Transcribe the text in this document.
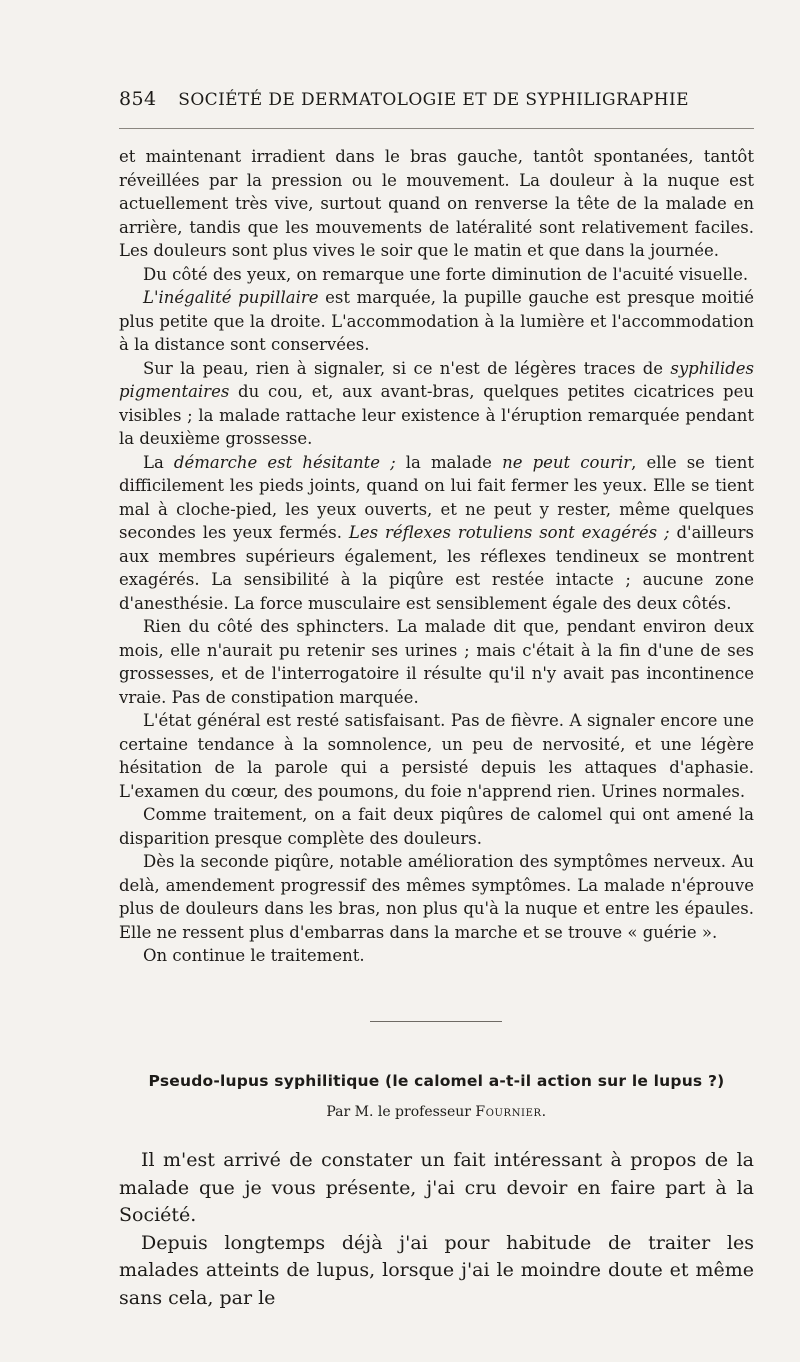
854 SOCIÉTÉ DE DERMATOLOGIE ET DE SYPHILIGRAPHIE

et maintenant irradient dans le bras gauche, tantôt spontanées, tantôt réveillées par la pression ou le mouvement. La douleur à la nuque est actuellement très vive, surtout quand on renverse la tête de la malade en arrière, tandis que les mouvements de latéralité sont relativement faciles. Les douleurs sont plus vives le soir que le matin et que dans la journée.

Du côté des yeux, on remarque une forte diminution de l'acuité visuelle.

L'inégalité pupillaire est marquée, la pupille gauche est presque moitié plus petite que la droite. L'accommodation à la lumière et l'accommodation à la distance sont conservées.

Sur la peau, rien à signaler, si ce n'est de légères traces de syphilides pigmentaires du cou, et, aux avant-bras, quelques petites cicatrices peu visibles ; la malade rattache leur existence à l'éruption remarquée pendant la deuxième grossesse.

La démarche est hésitante ; la malade ne peut courir, elle se tient difficilement les pieds joints, quand on lui fait fermer les yeux. Elle se tient mal à cloche-pied, les yeux ouverts, et ne peut y rester, même quelques secondes les yeux fermés. Les réflexes rotuliens sont exagérés ; d'ailleurs aux membres supérieurs également, les réflexes tendineux se montrent exagérés. La sensibilité à la piqûre est restée intacte ; aucune zone d'anesthésie. La force musculaire est sensiblement égale des deux côtés.

Rien du côté des sphincters. La malade dit que, pendant environ deux mois, elle n'aurait pu retenir ses urines ; mais c'était à la fin d'une de ses grossesses, et de l'interrogatoire il résulte qu'il n'y avait pas incontinence vraie. Pas de constipation marquée.

L'état général est resté satisfaisant. Pas de fièvre. A signaler encore une certaine tendance à la somnolence, un peu de nervosité, et une légère hésitation de la parole qui a persisté depuis les attaques d'aphasie. L'examen du cœur, des poumons, du foie n'apprend rien. Urines normales.

Comme traitement, on a fait deux piqûres de calomel qui ont amené la disparition presque complète des douleurs.

Dès la seconde piqûre, notable amélioration des symptômes nerveux. Au delà, amendement progressif des mêmes symptômes. La malade n'éprouve plus de douleurs dans les bras, non plus qu'à la nuque et entre les épaules. Elle ne ressent plus d'embarras dans la marche et se trouve « guérie ».

On continue le traitement.

Pseudo-lupus syphilitique (le calomel a-t-il action sur le lupus ?)
Par M. le professeur Fournier.

Il m'est arrivé de constater un fait intéressant à propos de la malade que je vous présente, j'ai cru devoir en faire part à la Société.

Depuis longtemps déjà j'ai pour habitude de traiter les malades atteints de lupus, lorsque j'ai le moindre doute et même sans cela, par le
